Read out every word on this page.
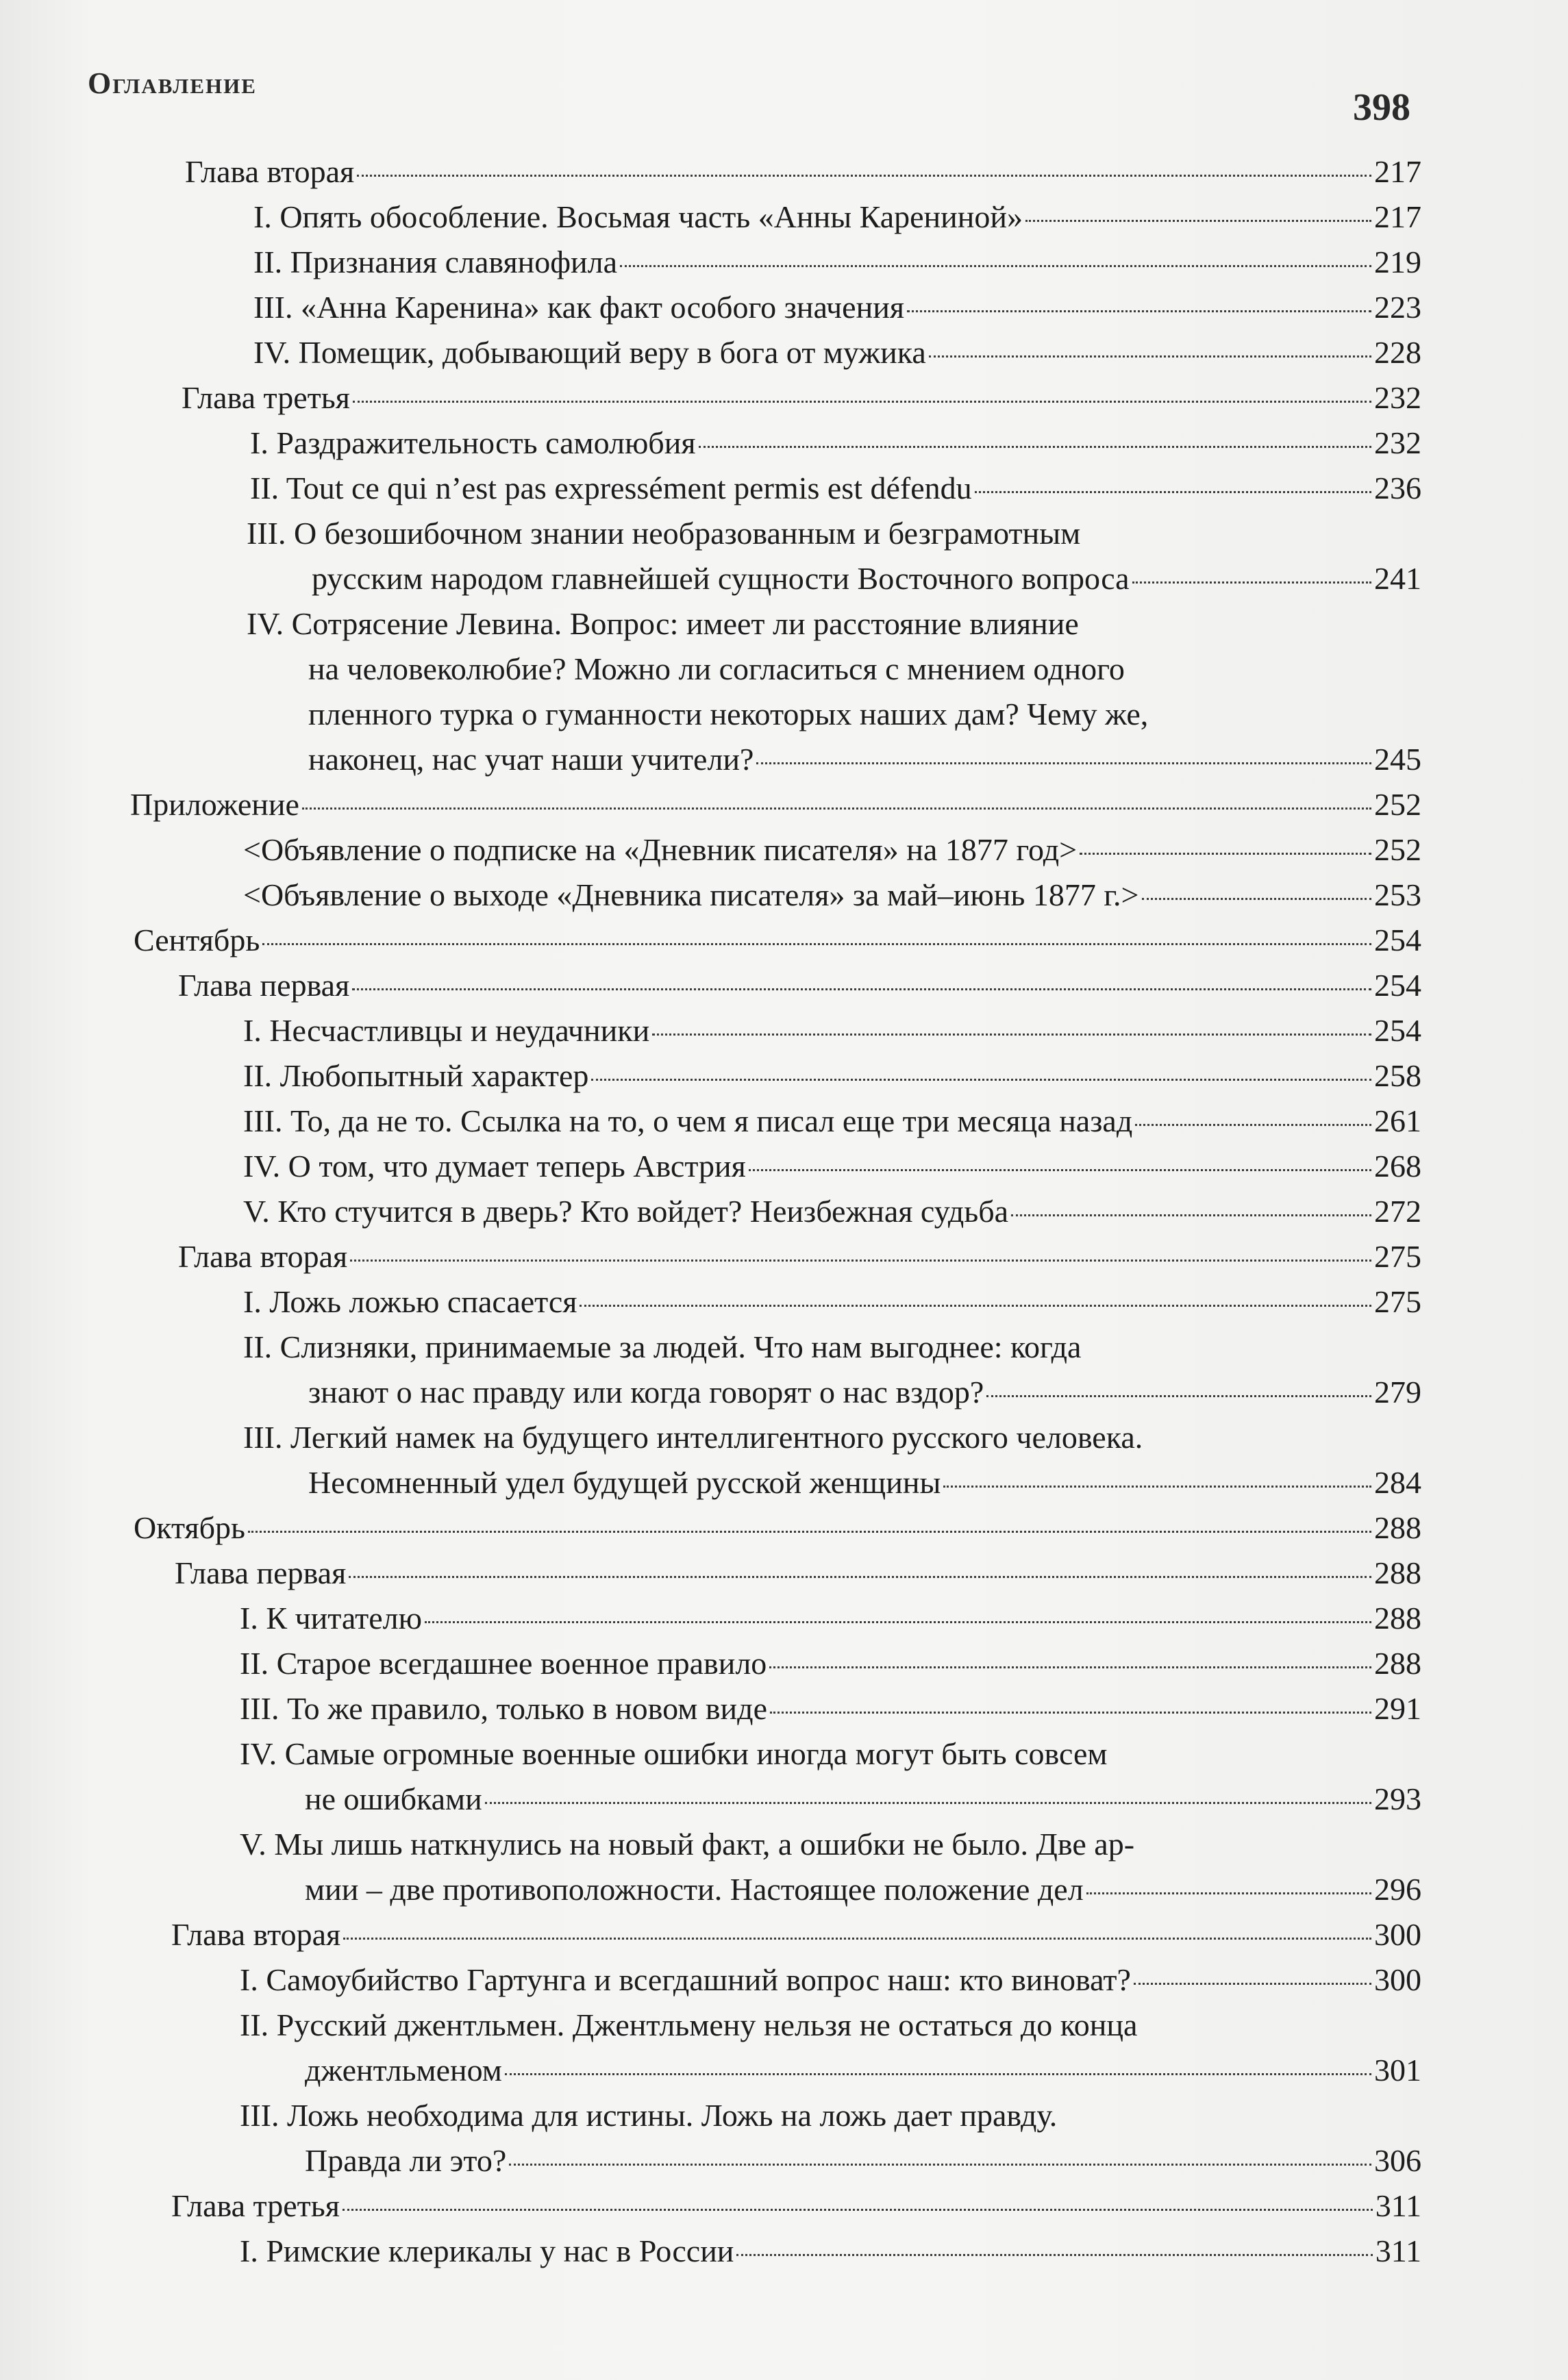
Оглавление
398
Глава вторая	217
I. Опять обособление. Восьмая часть «Анны Карениной»	217
II. Признания славянофила	219
III. «Анна Каренина» как факт особого значения	223
IV. Помещик, добывающий веру в бога от мужика	228
Глава третья	232
I. Раздражительность самолюбия	232
II. Tout ce qui n’est pas expressément permis est défendu	236
III. О безошибочном знании необразованным и безграмотным
русским народом главнейшей сущности Восточного вопроса	241
IV. Сотрясение Левина. Вопрос: имеет ли расстояние влияние
на человеколюбие? Можно ли согласиться с мнением одного
пленного турка о гуманности некоторых наших дам? Чему же,
наконец, нас учат наши учители?	245
Приложение	252
<Объявление о подписке на «Дневник писателя» на 1877 год>	252
<Объявление о выходе «Дневника писателя» за май–июнь 1877 г.>	253
Сентябрь	254
Глава первая	254
I. Несчастливцы и неудачники	254
II. Любопытный характер	258
III. То, да не то. Ссылка на то, о чем я писал еще три месяца назад	261
IV. О том, что думает теперь Австрия	268
V. Кто стучится в дверь? Кто войдет? Неизбежная судьба	272
Глава вторая	275
I. Ложь ложью спасается	275
II. Слизняки, принимаемые за людей. Что нам выгоднее: когда
знают о нас правду или когда говорят о нас вздор?	279
III. Легкий намек на будущего интеллигентного русского человека.
Несомненный удел будущей русской женщины	284
Октябрь	288
Глава первая	288
I. К читателю	288
II. Старое всегдашнее военное правило	288
III. То же правило, только в новом виде	291
IV. Самые огромные военные ошибки иногда могут быть совсем
не ошибками	293
V. Мы лишь наткнулись на новый факт, а ошибки не было. Две ар-
мии – две противоположности. Настоящее положение дел	296
Глава вторая	300
I. Самоубийство Гартунга и всегдашний вопрос наш: кто виноват?	300
II. Русский джентльмен. Джентльмену нельзя не остаться до конца
джентльменом	301
III. Ложь необходима для истины. Ложь на ложь дает правду.
Правда ли это?	306
Глава третья	311
I. Римские клерикалы у нас в России	311
